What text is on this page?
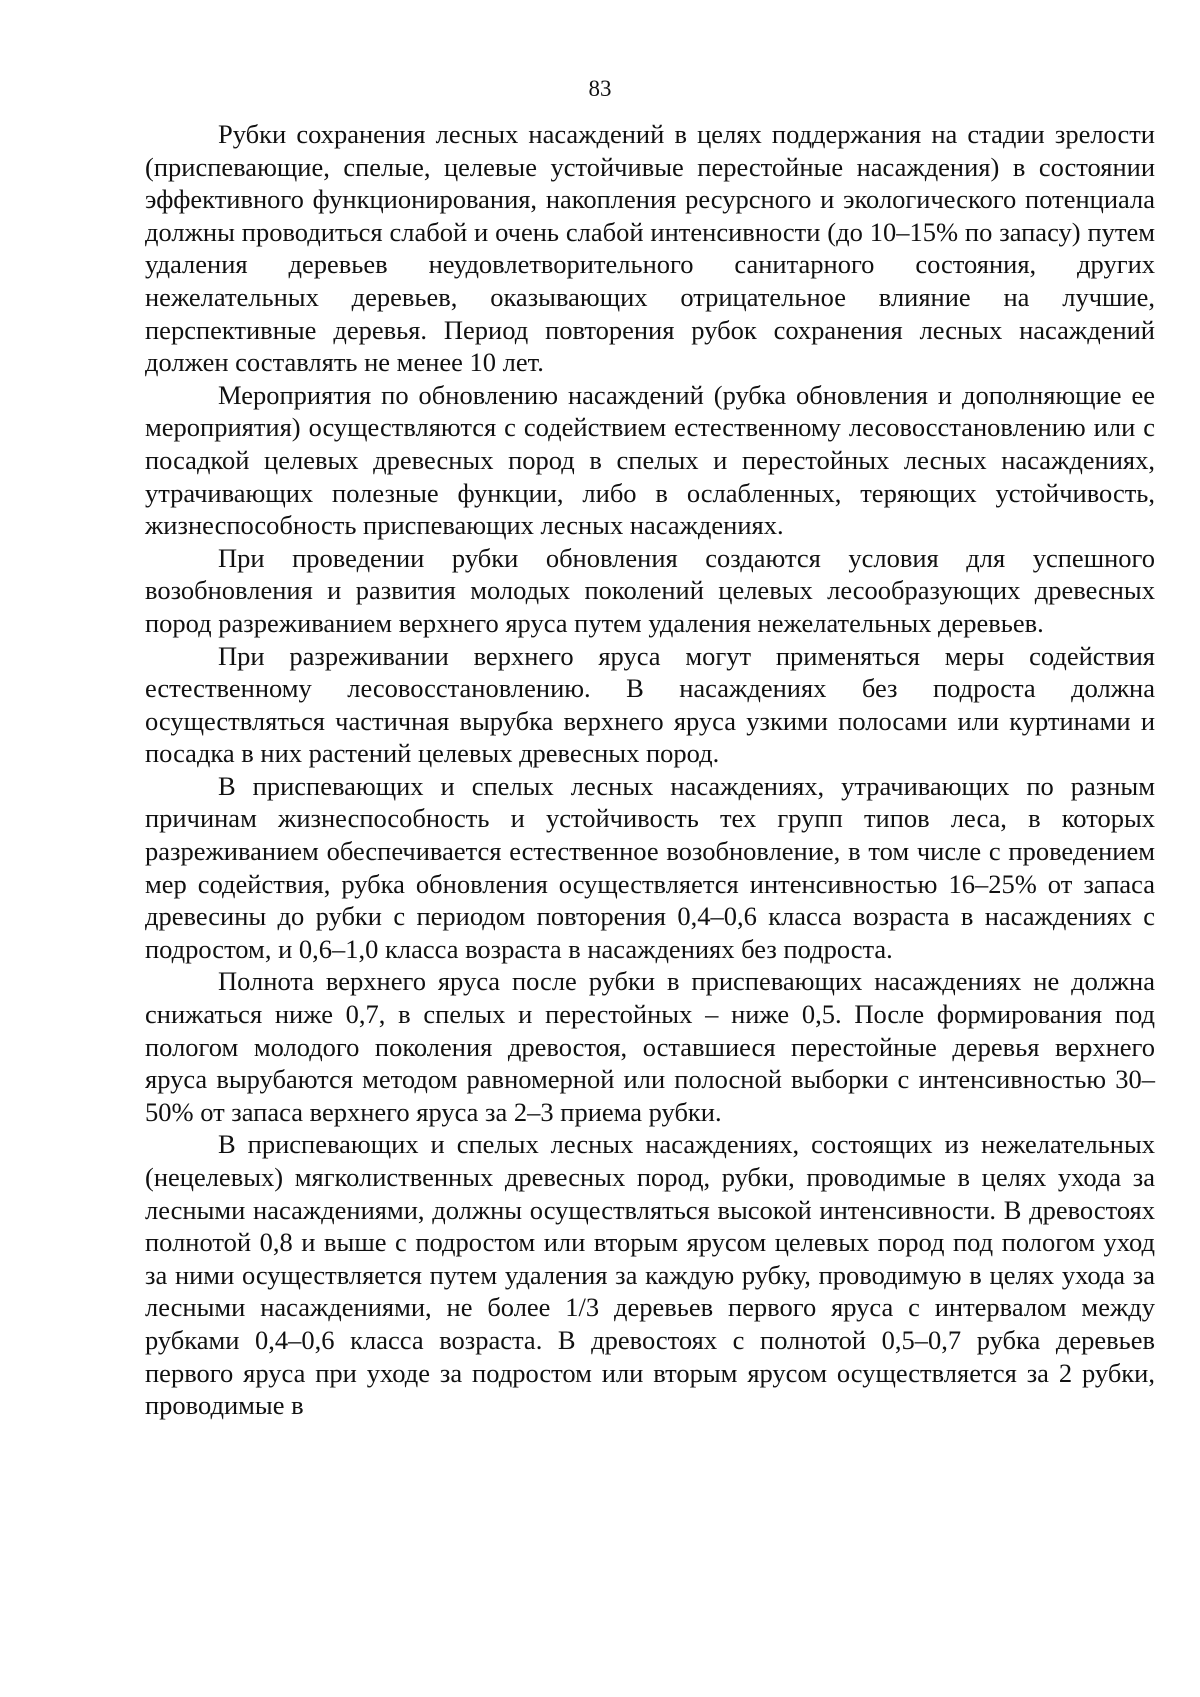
83

Рубки сохранения лесных насаждений в целях поддержания на стадии зрелости (приспевающие, спелые, целевые устойчивые перестойные насаждения) в состоянии эффективного функционирования, накопления ресурсного и экологического потенциала должны проводиться слабой и очень слабой интенсивности (до 10–15% по запасу) путем удаления деревьев неудовлетворительного санитарного состояния, других нежелательных деревьев, оказывающих отрицательное влияние на лучшие, перспективные деревья. Период повторения рубок сохранения лесных насаждений должен составлять не менее 10 лет.

Мероприятия по обновлению насаждений (рубка обновления и дополняющие ее мероприятия) осуществляются с содействием естественному лесовосстановлению или с посадкой целевых древесных пород в спелых и перестойных лесных насаждениях, утрачивающих полезные функции, либо в ослабленных, теряющих устойчивость, жизнеспособность приспевающих лесных насаждениях.

При проведении рубки обновления создаются условия для успешного возобновления и развития молодых поколений целевых лесообразующих древесных пород разреживанием верхнего яруса путем удаления нежелательных деревьев.

При разреживании верхнего яруса могут применяться меры содействия естественному лесовосстановлению. В насаждениях без подроста должна осуществляться частичная вырубка верхнего яруса узкими полосами или куртинами и посадка в них растений целевых древесных пород.

В приспевающих и спелых лесных насаждениях, утрачивающих по разным причинам жизнеспособность и устойчивость тех групп типов леса, в которых разреживанием обеспечивается естественное возобновление, в том числе с проведением мер содействия, рубка обновления осуществляется интенсивностью 16–25% от запаса древесины до рубки с периодом повторения 0,4–0,6 класса возраста в насаждениях с подростом, и 0,6–1,0 класса возраста в насаждениях без подроста.

Полнота верхнего яруса после рубки в приспевающих насаждениях не должна снижаться ниже 0,7, в спелых и перестойных – ниже 0,5. После формирования под пологом молодого поколения древостоя, оставшиеся перестойные деревья верхнего яруса вырубаются методом равномерной или полосной выборки с интенсивностью 30–50% от запаса верхнего яруса за 2–3 приема рубки.

В приспевающих и спелых лесных насаждениях, состоящих из нежелательных (нецелевых) мягколиственных древесных пород, рубки, проводимые в целях ухода за лесными насаждениями, должны осуществляться высокой интенсивности. В древостоях полнотой 0,8 и выше с подростом или вторым ярусом целевых пород под пологом уход за ними осуществляется путем удаления за каждую рубку, проводимую в целях ухода за лесными насаждениями, не более 1/3 деревьев первого яруса с интервалом между рубками 0,4–0,6 класса возраста. В древостоях с полнотой 0,5–0,7 рубка деревьев первого яруса при уходе за подростом или вторым ярусом осуществляется за 2 рубки, проводимые в
